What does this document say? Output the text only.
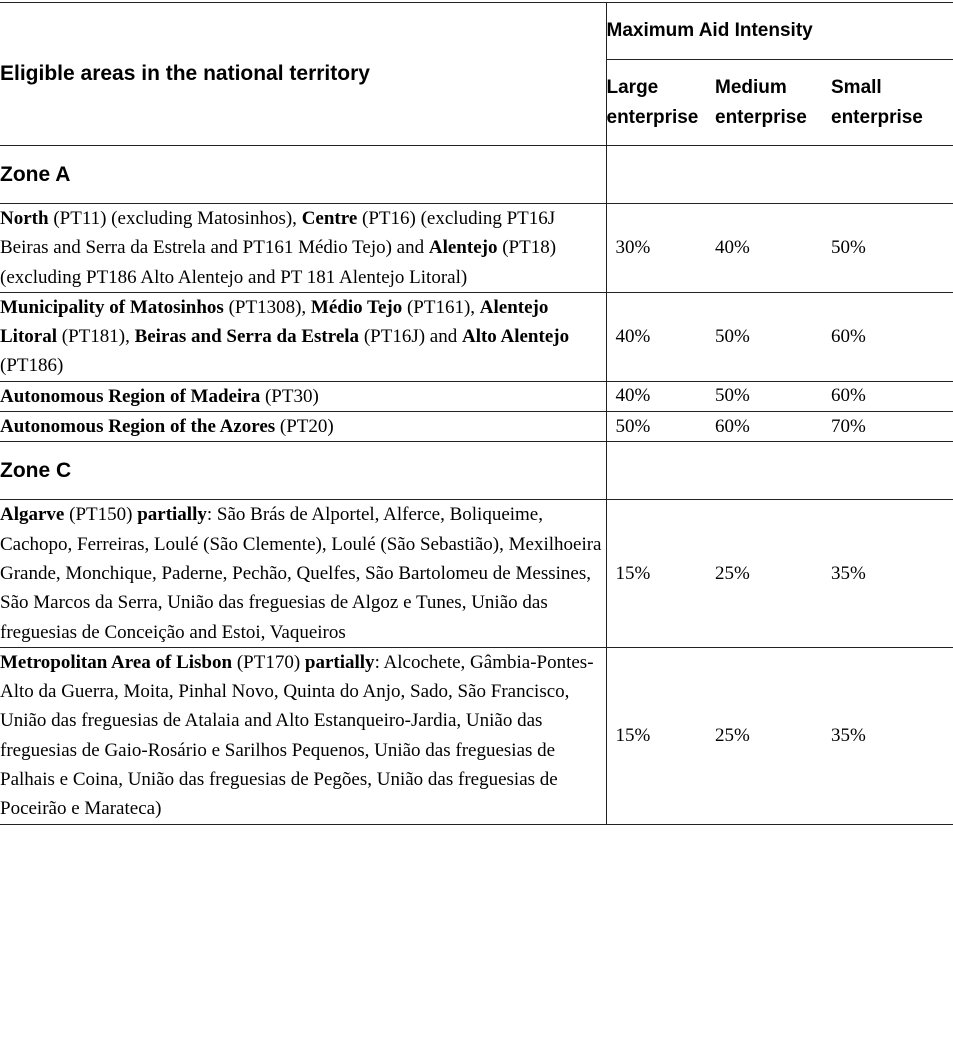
Eligible areas in the national territory	Maximum Aid Intensity		
	Large enterprise	Medium enterprise	Small enterprise
Zone A			
North (PT11) (excluding Matosinhos), Centre (PT16) (excluding PT16J Beiras and Serra da Estrela and PT161 Médio Tejo) and Alentejo (PT18) (excluding PT186 Alto Alentejo and PT 181 Alentejo Litoral)	30%	40%	50%
Municipality of Matosinhos (PT1308), Médio Tejo (PT161), Alentejo Litoral (PT181), Beiras and Serra da Estrela (PT16J) and Alto Alentejo (PT186)	40%	50%	60%
Autonomous Region of Madeira (PT30)	40%	50%	60%
Autonomous Region of the Azores (PT20)	50%	60%	70%
Zone C			
Algarve (PT150) partially: São Brás de Alportel, Alferce, Boliqueime, Cachopo, Ferreiras, Loulé (São Clemente), Loulé (São Sebastião), Mexilhoeira Grande, Monchique, Paderne, Pechão, Quelfes, São Bartolomeu de Messines, São Marcos da Serra, União das freguesias de Algoz e Tunes, União das freguesias de Conceição and Estoi, Vaqueiros	15%	25%	35%
Metropolitan Area of Lisbon (PT170) partially: Alcochete, Gâmbia-Pontes-Alto da Guerra, Moita, Pinhal Novo, Quinta do Anjo, Sado, São Francisco, União das freguesias de Atalaia and Alto Estanqueiro-Jardia, União das freguesias de Gaio-Rosário e Sarilhos Pequenos, União das freguesias de Palhais e Coina, União das freguesias de Pegões, União das freguesias de Poceirão e Marateca)	15%	25%	35%
